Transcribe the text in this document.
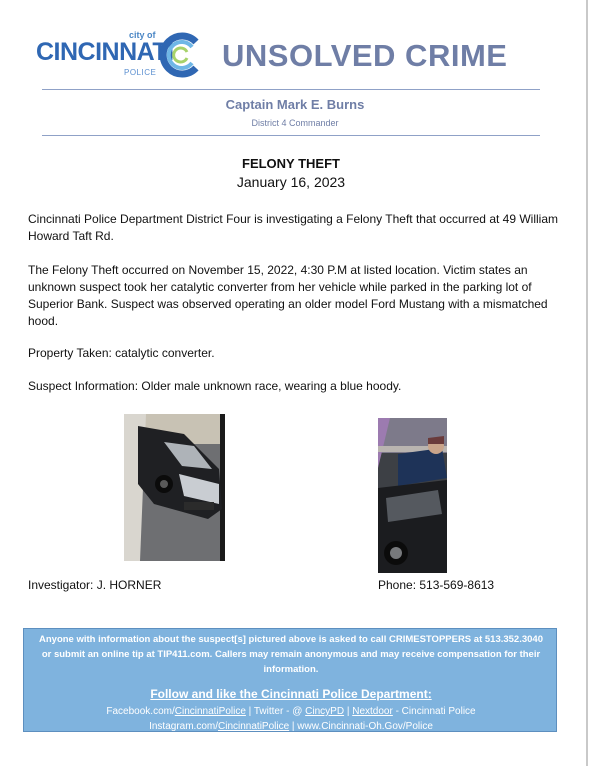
city of
CINCINNATI
POLICE UNSOLVED CRIME
Captain Mark E. Burns
District 4 Commander
FELONY THEFT
January 16, 2023
Cincinnati Police Department District Four is investigating a Felony Theft that occurred at 49 William Howard Taft Rd.
The Felony Theft occurred on November 15, 2022, 4:30 P.M at listed location. Victim states an unknown suspect took her catalytic converter from her vehicle while parked in the parking lot of Superior Bank. Suspect was observed operating an older model Ford Mustang with a mismatched hood.
Property Taken: catalytic converter.
Suspect Information: Older male unknown race, wearing a blue hoody.
Investigator: J. HORNER	Phone: 513-569-8613
Anyone with information about the suspect[s] pictured above is asked to call CRIMESTOPPERS at 513.352.3040 or submit an online tip at TIP411.com. Callers may remain anonymous and may receive compensation for their information.
Follow and like the Cincinnati Police Department:
Facebook.com/CincinnatiPolice | Twitter - @ CincyPD | Nextdoor - Cincinnati Police
Instagram.com/CincinnatiPolice | www.Cincinnati-Oh.Gov/Police
